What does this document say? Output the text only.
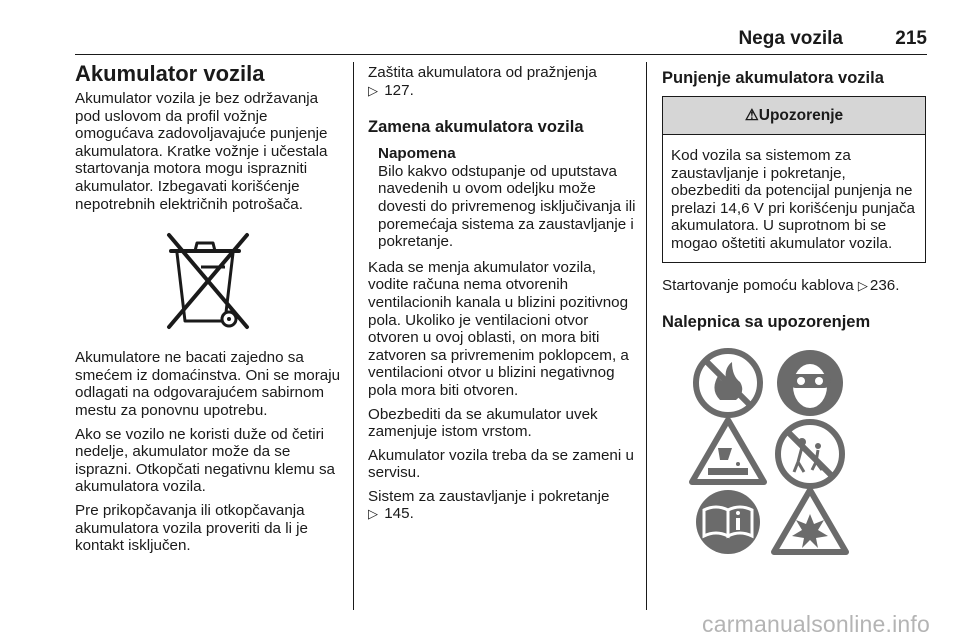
Nega vozila	215
Akumulator vozila

Akumulator vozila je bez održavanja pod uslovom da profil vožnje omogućava zadovoljavajuće punjenje akumulatora. Kratke vožnje i učestala startovanja motora mogu isprazniti akumulator. Izbegavati korišćenje nepotrebnih električnih potrošača.

Akumulatore ne bacati zajedno sa smećem iz domaćinstva. Oni se moraju odlagati na odgovarajućem sabirnom mestu za ponovnu upotrebu.

Ako se vozilo ne koristi duže od četiri nedelje, akumulator može da se isprazni. Otkopčati negativnu klemu sa akumulatora vozila.

Pre prikopčavanja ili otkopčavanja akumulatora vozila proveriti da li je kontakt isključen.

Zaštita akumulatora od pražnjenja
▷ 127.

Zamena akumulatora vozila
Napomena
Bilo kakvo odstupanje od uputstava navedenih u ovom odeljku može dovesti do privremenog isključivanja ili poremećaja sistema za zaustavljanje i pokretanje.

Kada se menja akumulator vozila, vodite računa nema otvorenih ventilacionih kanala u blizini pozitivnog pola. Ukoliko je ventilacioni otvor otvoren u ovoj oblasti, on mora biti zatvoren sa privremenim poklopcem, a ventilacioni otvor u blizini negativnog pola mora biti otvoren.

Obezbediti da se akumulator uvek zamenjuje istom vrstom.

Akumulator vozila treba da se zameni u servisu.

Sistem za zaustavljanje i pokretanje
▷ 145.

Punjenje akumulatora vozila
⚠Upozorenje
Kod vozila sa sistemom za zaustavljanje i pokretanje, obezbediti da potencijal punjenja ne prelazi 14,6 V pri korišćenju punjača akumulatora. U suprotnom bi se mogao oštetiti akumulator vozila.

Startovanje pomoću kablova ▷ 236.

Nalepnica sa upozorenjem
carmanualsonline.info
